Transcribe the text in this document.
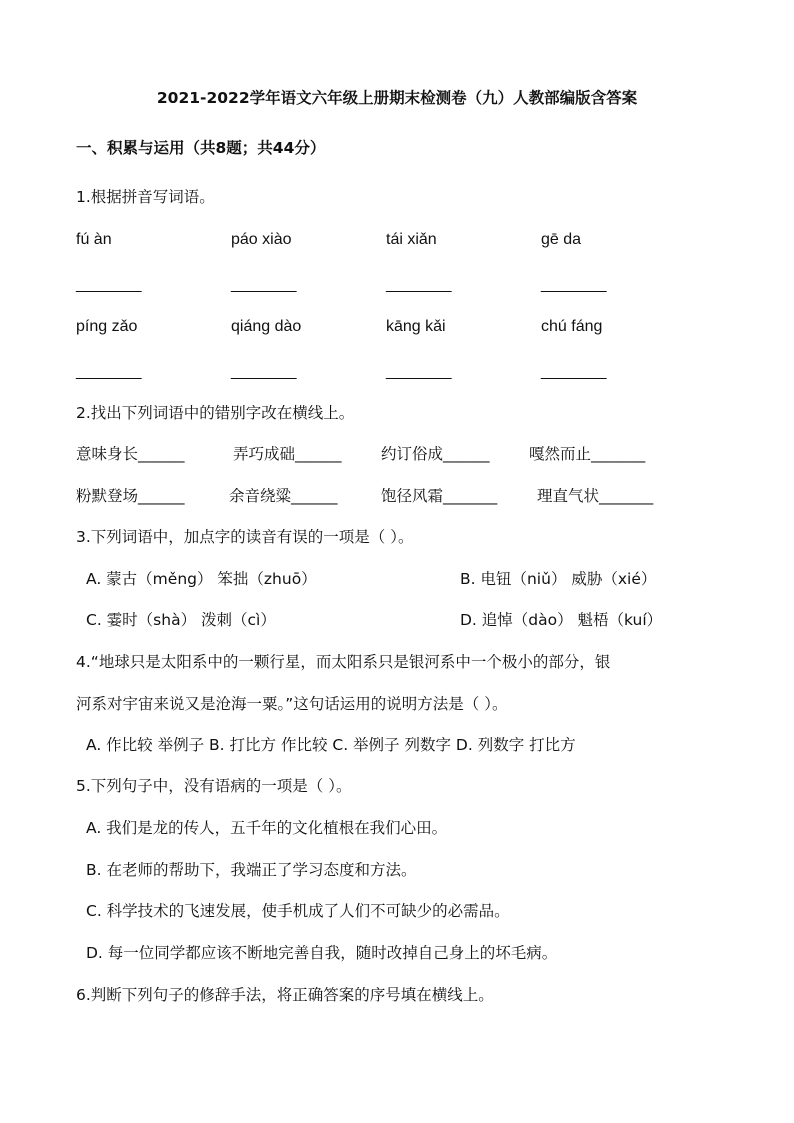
2021-2022学年语文六年级上册期末检测卷（九）人教部编版含答案
一、积累与运用（共8题；共44分）
1.根据拼音写词语。
fú àn	páo xiào	tái xiǎn	gē da
________	________	________	________
píng zǎo	qiáng dào	kāng kǎi	chú fáng
________	________	________	________
2.找出下列词语中的错别字改在横线上。
意味身长______	弄巧成础______	约订俗成______	嘎然而止_______
粉默登场______	余音绕粱______	饱径风霜_______	理直气状_______
3.下列词语中，加点字的读音有误的一项是（ ）。
A. 蒙古（měng） 笨拙（zhuō）	B. 电钮（niǔ） 威胁（xié）
C. 霎时（shà） 泼刺（cì）	D. 追悼（dào） 魁梧（kuí）
4.“地球只是太阳系中的一颗行星，而太阳系只是银河系中一个极小的部分，银
河系对宇宙来说又是沧海一粟。”这句话运用的说明方法是（ ）。
A. 作比较 举例子 B. 打比方 作比较 C. 举例子 列数字 D. 列数字 打比方
5.下列句子中，没有语病的一项是（ ）。
A. 我们是龙的传人，五千年的文化植根在我们心田。
B. 在老师的帮助下，我端正了学习态度和方法。
C. 科学技术的飞速发展，使手机成了人们不可缺少的必需品。
D. 每一位同学都应该不断地完善自我，随时改掉自己身上的坏毛病。
6.判断下列句子的修辞手法，将正确答案的序号填在横线上。
